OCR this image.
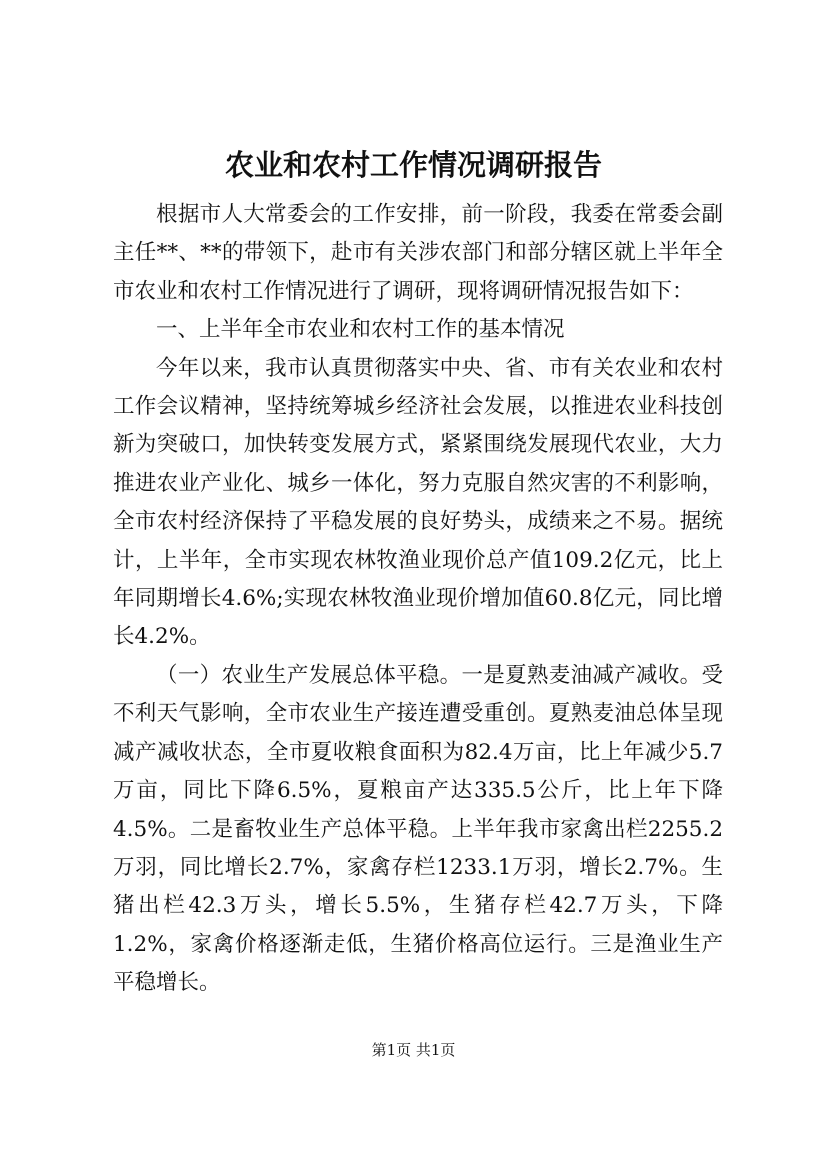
农业和农村工作情况调研报告

根据市人大常委会的工作安排，前一阶段，我委在常委会副主任**、**的带领下，赴市有关涉农部门和部分辖区就上半年全市农业和农村工作情况进行了调研，现将调研情况报告如下：

一、上半年全市农业和农村工作的基本情况

今年以来，我市认真贯彻落实中央、省、市有关农业和农村工作会议精神，坚持统筹城乡经济社会发展，以推进农业科技创新为突破口，加快转变发展方式，紧紧围绕发展现代农业，大力推进农业产业化、城乡一体化，努力克服自然灾害的不利影响，全市农村经济保持了平稳发展的良好势头，成绩来之不易。据统计，上半年，全市实现农林牧渔业现价总产值109.2亿元，比上年同期增长4.6%;实现农林牧渔业现价增加值60.8亿元，同比增长4.2%。

（一）农业生产发展总体平稳。一是夏熟麦油减产减收。受不利天气影响，全市农业生产接连遭受重创。夏熟麦油总体呈现减产减收状态，全市夏收粮食面积为82.4万亩，比上年减少5.7万亩，同比下降6.5%，夏粮亩产达335.5公斤，比上年下降4.5%。二是畜牧业生产总体平稳。上半年我市家禽出栏2255.2万羽，同比增长2.7%，家禽存栏1233.1万羽，增长2.7%。生猪出栏42.3万头，增长5.5%，生猪存栏42.7万头，下降1.2%，家禽价格逐渐走低，生猪价格高位运行。三是渔业生产平稳增长。

第1页 共1页
